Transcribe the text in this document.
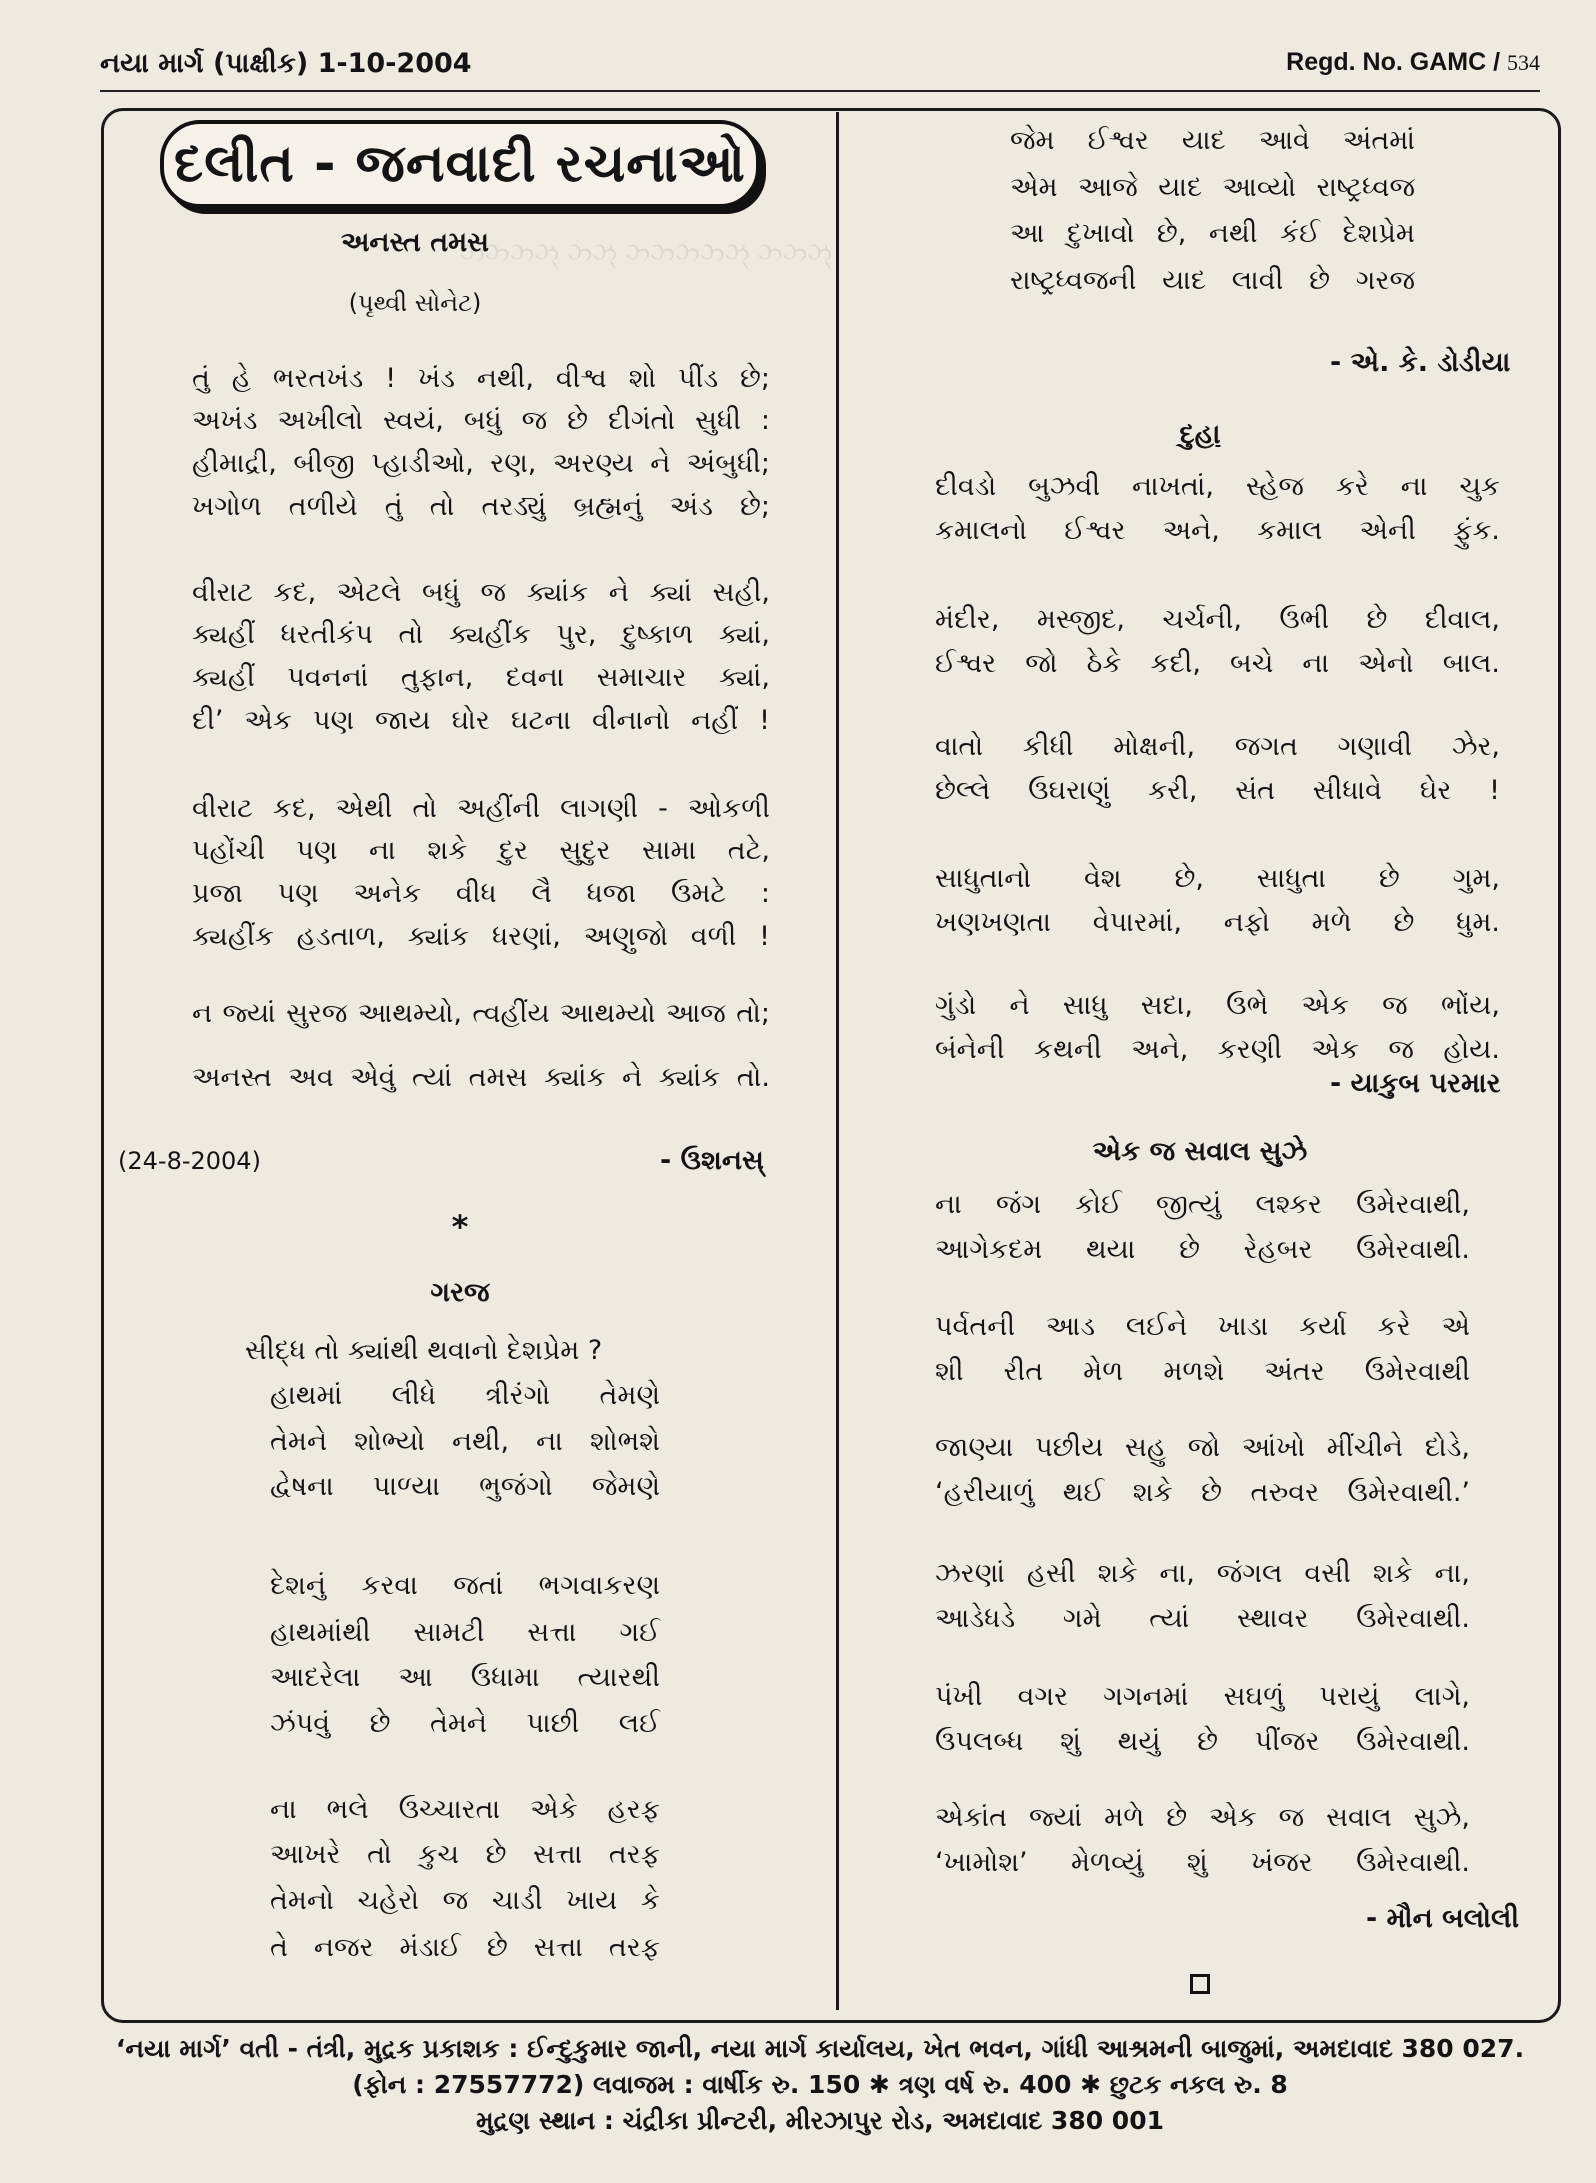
નયા માર્ગ (પાક્ષીક) 1-10-2004	Regd. No. GAMC / 534
ઝ્ઝ્ઝ્ઝ્ ઝ્ઝ્ ઝ્ઝ્ઝ્ઝ્ઝ્ ઝ્ઝ્ઝ્
દલીત - જનવાદી રચનાઓ
અનસ્ત તમસ
(પૃથ્વી સોનેટ)
તું હે ભરતખંડ ! ખંડ નથી, વીશ્વ શો પીંડ છે;
અખંડ અખીલો સ્વયં, બધું જ છે દીગંતો સુધી :
હીમાદ્રી, બીજી પ્હાડીઓ, રણ, અરણ્ય ને અંબુધી;
ખગોળ તળીયે તું તો તરડ્યું બ્રહ્મનું અંડ છે;
વીરાટ કદ, એટલે બધું જ ક્યાંક ને ક્યાં સહી,
ક્યહીં ધરતીકંપ તો ક્યહીંક પુર, દુષ્કાળ ક્યાં,
ક્યહીં પવનનાં તુફાન, દવના સમાચાર ક્યાં,
દી’ એક પણ જાય ઘોર ઘટના વીનાનો નહીં !
વીરાટ કદ, એથી તો અહીંની લાગણી - ઓકળી
પહોંચી પણ ના શકે દુર સુદુર સામા તટે,
પ્રજા પણ અનેક વીધ લૈ ધજા ઉમટે :
ક્યહીંક હડતાળ, ક્યાંક ધરણાં, અણુજો વળી !
ન જ્યાં સુરજ આથમ્યો, ત્વહીંય આથમ્યો આજ તો;
અનસ્ત અવ એવું ત્યાં તમસ ક્યાંક ને ક્યાંક તો.
(24-8-2004)	- ઉશનસ્
*
ગરજ
સીદ્ધ તો ક્યાંથી થવાનો દેશપ્રેમ ?
હાથમાં લીધે ત્રીરંગો તેમણે
તેમને શોભ્યો નથી, ના શોભશે
દ્વેષના પાળ્યા ભુજંગો જેમણે
દેશનું કરવા જતાં ભગવાકરણ
હાથમાંથી સામટી સત્તા ગઈ
આદરેલા આ ઉધામા ત્યારથી
ઝંપવું છે તેમને પાછી લઈ
ના ભલે ઉચ્ચારતા એકે હરફ
આખરે તો કુચ છે સત્તા તરફ
તેમનો ચહેરો જ ચાડી ખાય કે
તે નજર મંડાઈ છે સત્તા તરફ
જેમ ઈશ્વર યાદ આવે અંતમાં
એમ આજે યાદ આવ્યો રાષ્ટ્રધ્વજ
આ દુખાવો છે, નથી કંઈ દેશપ્રેમ
રાષ્ટ્રધ્વજની યાદ લાવી છે ગરજ
- એ. કે. ડોડીયા
દુહા
દીવડો બુઝવી નાખતાં, સ્હેજ કરે ના ચુક
કમાલનો ઈશ્વર અને, કમાલ એની ફુંક.
મંદીર, મસ્જીદ, ચર્ચની, ઉભી છે દીવાલ,
ઈશ્વર જો ઠેકે કદી, બચે ના એનો બાલ.
વાતો કીધી મોક્ષની, જગત ગણાવી ઝેર,
છેલ્લે ઉઘરાણું કરી, સંત સીધાવે ઘેર !
સાધુતાનો વેશ છે, સાધુતા છે ગુમ,
ખણખણતા વેપારમાં, નફો મળે છે ધુમ.
ગુંડો ને સાધુ સદા, ઉભે એક જ ભોંય,
બંનેની કથની અને, કરણી એક જ હોય.
- યાકુબ પરમાર
એક જ સવાલ સુઝે
ના જંગ કોઈ જીત્યું લશ્કર ઉમેરવાથી,
આગેકદમ થયા છે રેહબર ઉમેરવાથી.
પર્વતની આડ લઈને ખાડા કર્યા કરે એ
શી રીત મેળ મળશે અંતર ઉમેરવાથી
જાણ્યા પછીય સહુ જો આંખો મીંચીને દોડે,
‘હરીયાળું થઈ શકે છે તરુવર ઉમેરવાથી.’
ઝરણાં હસી શકે ના, જંગલ વસી શકે ના,
આડેધડે ગમે ત્યાં સ્થાવર ઉમેરવાથી.
પંખી વગર ગગનમાં સઘળું પરાયું લાગે,
ઉપલબ્ધ શું થયું છે પીંજર ઉમેરવાથી.
એકાંત જ્યાં મળે છે એક જ સવાલ સુઝે,
‘ખામોશ’ મેળવ્યું શું ખંજર ઉમેરવાથી.
- મૌન બલોલી
‘નયા માર્ગ’ વતી - તંત્રી, મુદ્રક પ્રકાશક : ઈન્દુકુમાર જાની, નયા માર્ગ કાર્યાલય, ખેત ભવન, ગાંધી આશ્રમની બાજુમાં, અમદાવાદ 380 027.
(ફોન : 27557772) લવાજમ : વાર્ષીક રુ. 150 ✱ ત્રણ વર્ષ રુ. 400 ✱ છુટક નકલ રુ. 8
મુદ્રણ સ્થાન : ચંદ્રીકા પ્રીન્ટરી, મીરઝાપુર રોડ, અમદાવાદ 380 001
